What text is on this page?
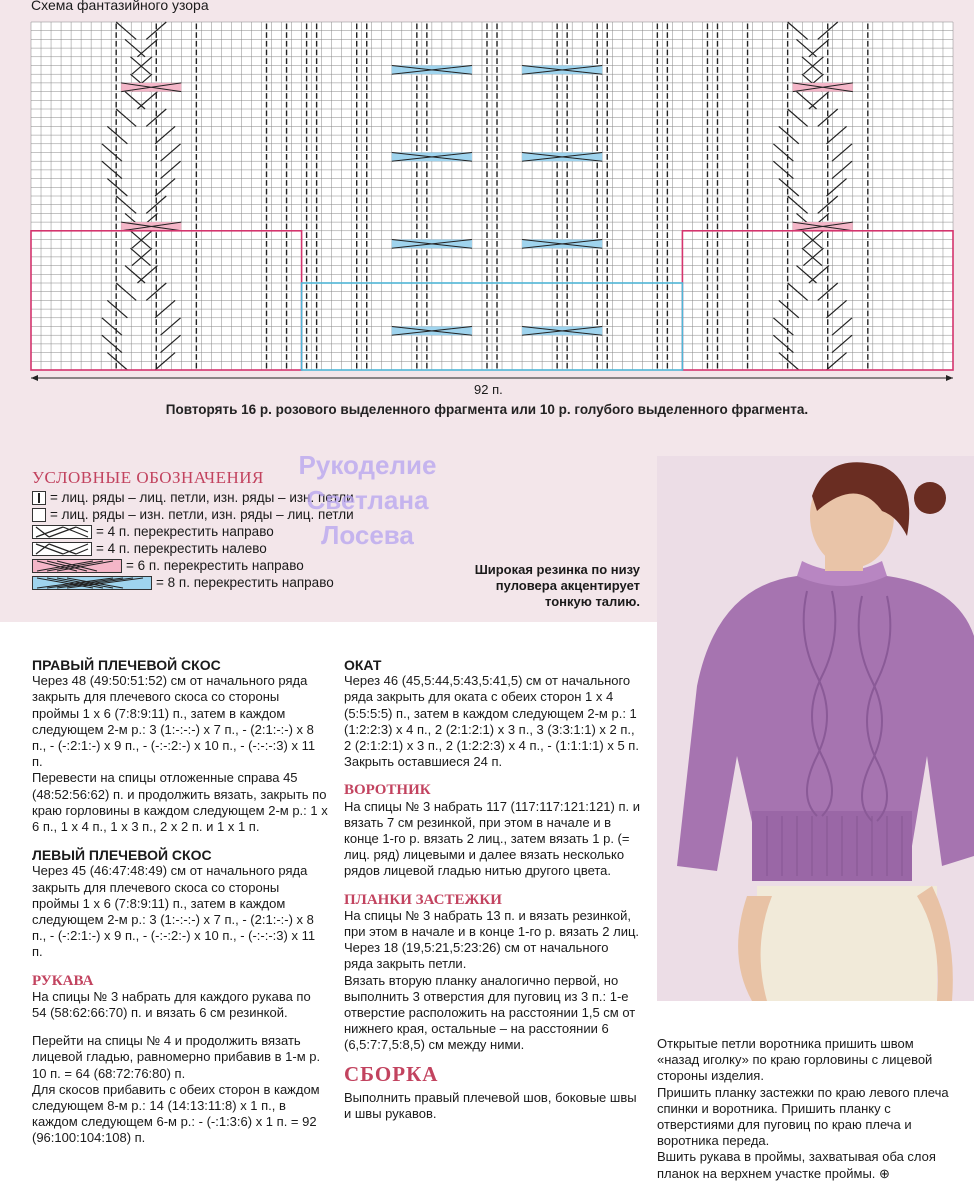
Схема фантазийного узора
92 п.
Повторять 16 р. розового выделенного фрагмента или 10 р. голубого выделенного фрагмента.
УСЛОВНЫЕ ОБОЗНАЧЕНИЯ
= лиц. ряды – лиц. петли, изн. ряды – изн. петли
= лиц. ряды – изн. петли, изн. ряды – лиц. петли
= 4 п. перекрестить направо
= 4 п. перекрестить налево
= 6 п. перекрестить направо
= 8 п. перекрестить направо
Рукоделие
Светлана
Лосева
Широкая резинка по низу
пуловера акцентирует
тонкую талию.
ПРАВЫЙ ПЛЕЧЕВОЙ СКОС

Через 48 (49:50:51:52) см от начального ряда закрыть для плечевого скоса со стороны проймы 1 х 6 (7:8:9:11) п., затем в каждом следующем 2-м р.: 3 (1:-:-:-) х 7 п., - (2:1:-:-) х 8 п., - (-:2:1:-) х 9 п., - (-:-:2:-) х 10 п., - (-:-:-:3) х 11 п.

Перевести на спицы отложенные справа 45 (48:52:56:62) п. и продолжить вязать, закрыть по краю горловины в каждом следующем 2-м р.: 1 х 6 п., 1 х 4 п., 1 х 3 п., 2 х 2 п. и 1 х 1 п.

ЛЕВЫЙ ПЛЕЧЕВОЙ СКОС

Через 45 (46:47:48:49) см от начального ряда закрыть для плечевого скоса со стороны проймы 1 х 6 (7:8:9:11) п., затем в каждом следующем 2-м р.: 3 (1:-:-:-) х 7 п., - (2:1:-:-) х 8 п., - (-:2:1:-) х 9 п., - (-:-:2:-) х 10 п., - (-:-:-:3) х 11 п.

РУКАВА

На спицы № 3 набрать для каждого рукава по 54 (58:62:66:70) п. и вязать 6 см резинкой.

Перейти на спицы № 4 и продолжить вязать лицевой гладью, равномерно прибавив в 1-м р. 10 п. = 64 (68:72:76:80) п.

Для скосов прибавить с обеих сторон в каждом следующем 8-м р.: 14 (14:13:11:8) х 1 п., в каждом следующем 6-м р.: - (-:1:3:6) х 1 п. = 92 (96:100:104:108) п.

ОКАТ

Через 46 (45,5:44,5:43,5:41,5) см от начального ряда закрыть для оката с обеих сторон 1 х 4 (5:5:5:5) п., затем в каждом следующем 2-м р.: 1 (1:2:2:3) х 4 п., 2 (2:1:2:1) х 3 п., 3 (3:3:1:1) х 2 п., 2 (2:1:2:1) х 3 п., 2 (1:2:2:3) х 4 п., - (1:1:1:1) х 5 п. Закрыть оставшиеся 24 п.

ВОРОТНИК

На спицы № 3 набрать 117 (117:117:121:121) п. и вязать 7 см резинкой, при этом в начале и в конце 1-го р. вязать 2 лиц., затем вязать 1 р. (= лиц. ряд) лицевыми и далее вязать несколько рядов лицевой гладью нитью другого цвета.

ПЛАНКИ ЗАСТЕЖКИ

На спицы № 3 набрать 13 п. и вязать резинкой, при этом в начале и в конце 1-го р. вязать 2 лиц.

Через 18 (19,5:21,5:23:26) см от начального ряда закрыть петли.

Вязать вторую планку аналогично первой, но выполнить 3 отверстия для пуговиц из 3 п.: 1-е отверстие расположить на расстоянии 1,5 см от нижнего края, остальные – на расстоянии 6 (6,5:7:7,5:8,5) см между ними.

СБОРКА

Выполнить правый плечевой шов, боковые швы и швы рукавов.

Открытые петли воротника пришить швом «назад иголку» по краю горловины с лицевой стороны изделия.

Пришить планку застежки по краю левого плеча спинки и воротника. Пришить планку с отверстиями для пуговиц по краю плеча и воротника переда.

Вшить рукава в проймы, захватывая оба слоя планок на верхнем участке проймы. ⊕
